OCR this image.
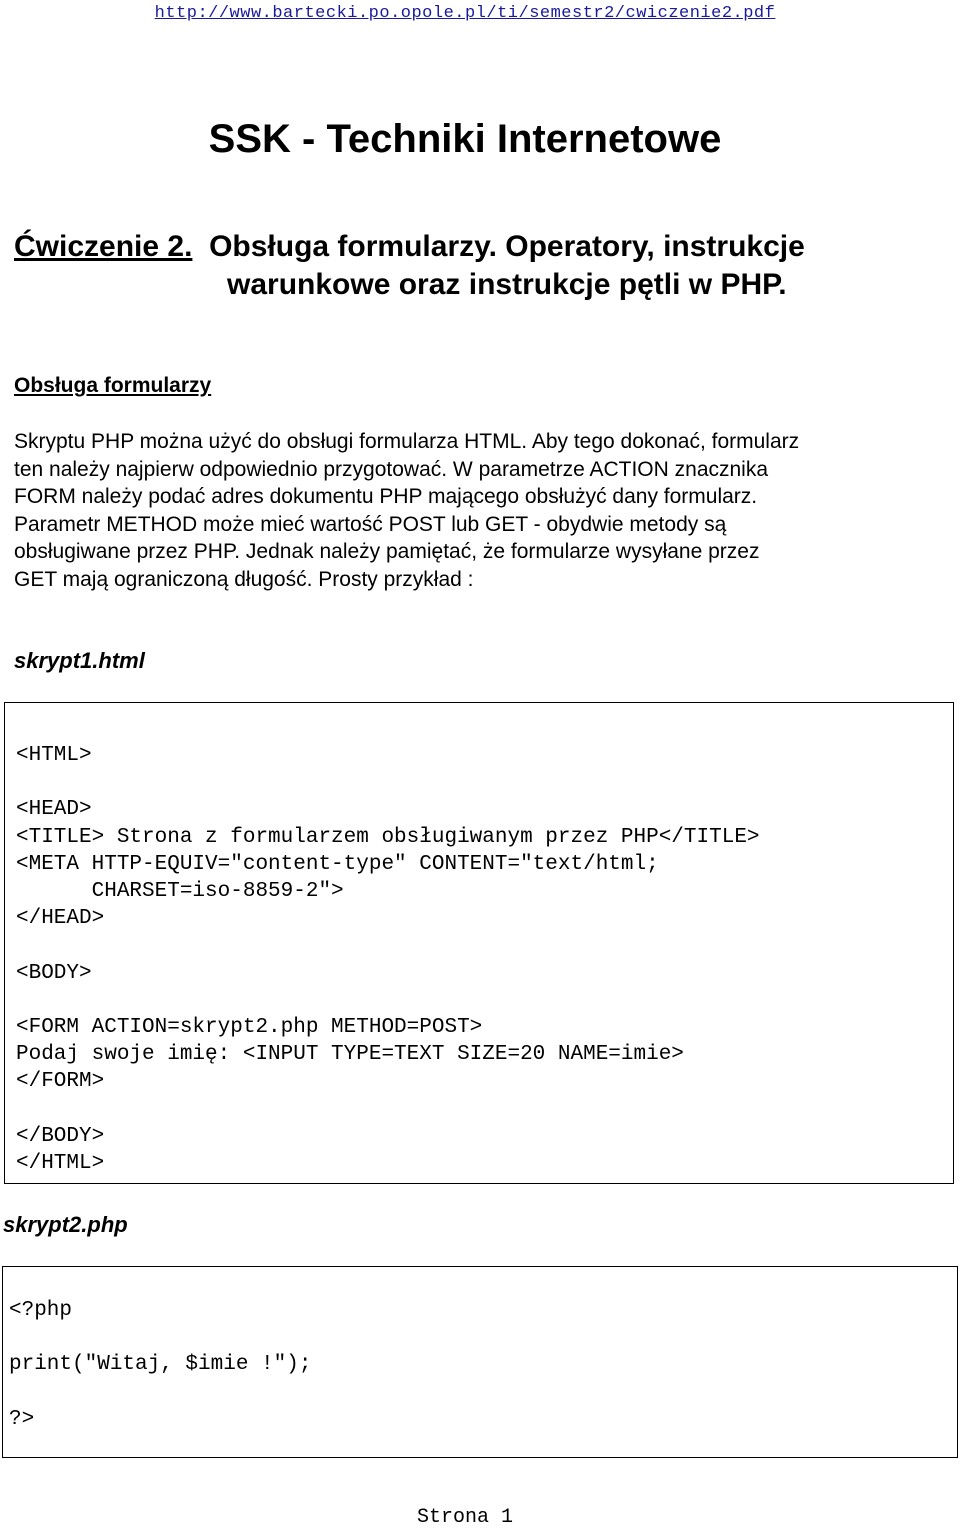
http://www.bartecki.po.opole.pl/ti/semestr2/cwiczenie2.pdf
SSK - Techniki Internetowe
Ćwiczenie 2. Obsługa formularzy. Operatory, instrukcje
warunkowe oraz instrukcje pętli w PHP.
Obsługa formularzy
Skryptu PHP można użyć do obsługi formularza HTML. Aby tego dokonać, formularz
ten należy najpierw odpowiednio przygotować. W parametrze ACTION znacznika
FORM należy podać adres dokumentu PHP mającego obsłużyć dany formularz.
Parametr METHOD może mieć wartość POST lub GET - obydwie metody są
obsługiwane przez PHP. Jednak należy pamiętać, że formularze wysyłane przez
GET mają ograniczoną długość. Prosty przykład :
skrypt1.html
<HTML>

<HEAD>
<TITLE> Strona z formularzem obsługiwanym przez PHP</TITLE>
<META HTTP-EQUIV="content-type" CONTENT="text/html;
CHARSET=iso-8859-2">
</HEAD>

<BODY>

<FORM ACTION=skrypt2.php METHOD=POST>
Podaj swoje imię: <INPUT TYPE=TEXT SIZE=20 NAME=imie>
</FORM>

</BODY>
</HTML>
skrypt2.php
<?php

print("Witaj, $imie !");

?>
Strona 1
